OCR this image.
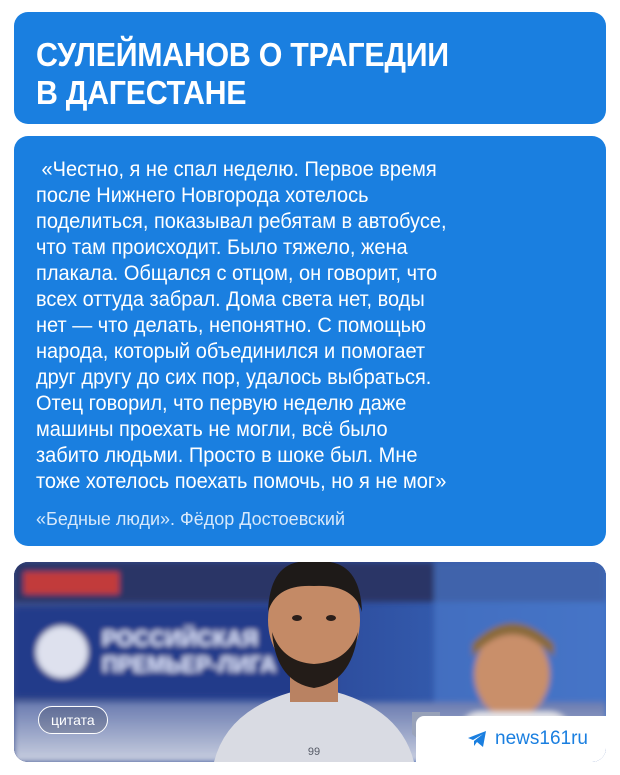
СУЛЕЙМАНОВ О ТРАГЕДИИ
В ДАГЕСТАНЕ
«Честно, я не спал неделю. Первое время
после Нижнего Новгорода хотелось
поделиться, показывал ребятам в автобусе,
что там происходит. Было тяжело, жена
плакала. Общался с отцом, он говорит, что
всех оттуда забрал. Дома света нет, воды
нет — что делать, непонятно. С помощью
народа, который объединился и помогает
друг другу до сих пор, удалось выбраться.
Отец говорил, что первую неделю даже
машины проехать не могли, всё было
забито людьми. Просто в шоке был. Мне
тоже хотелось поехать помочь, но я не мог»
«Бедные люди». Фёдор Достоевский
РОССИЙСКАЯ
ПРЕМЬЕР-ЛИГА
99
цитата
news161ru
